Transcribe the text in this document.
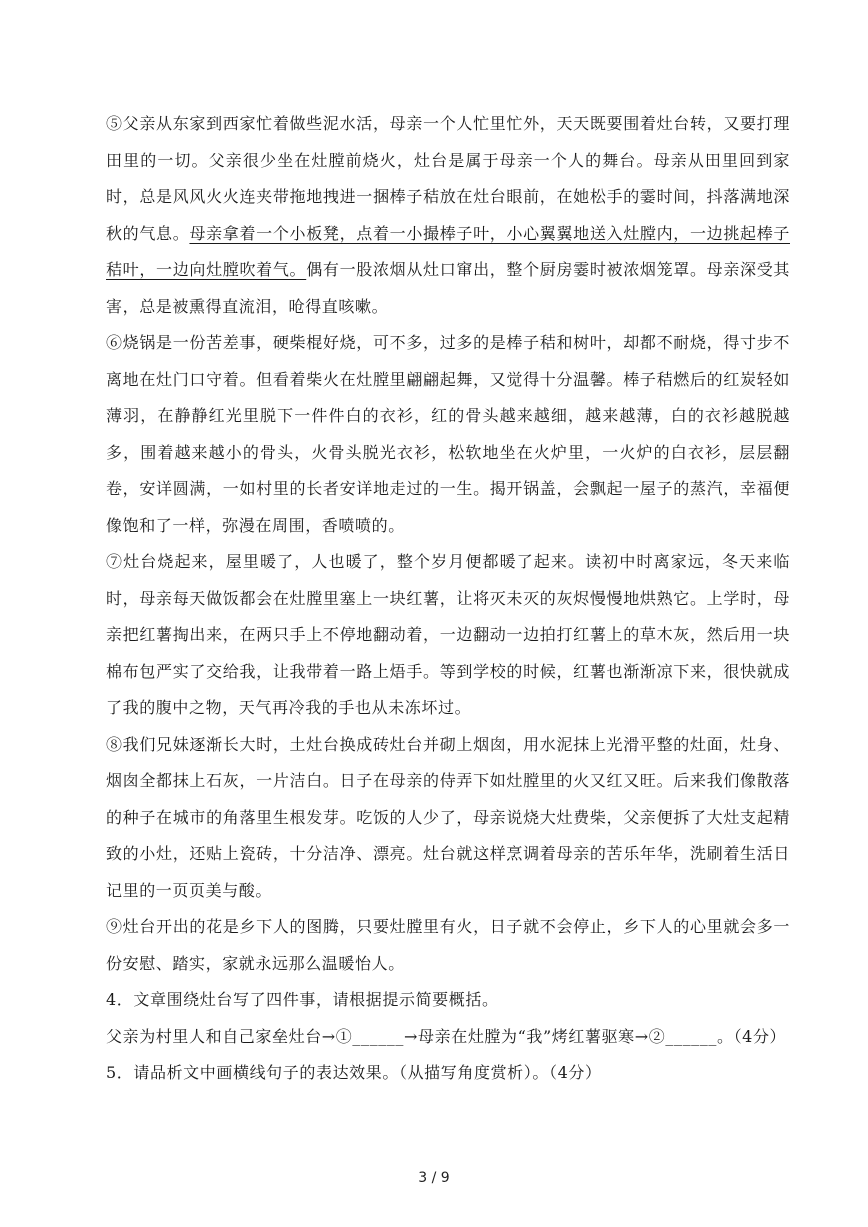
⑤父亲从东家到西家忙着做些泥水活，母亲一个人忙里忙外，天天既要围着灶台转，又要打理田里的一切。父亲很少坐在灶膛前烧火，灶台是属于母亲一个人的舞台。母亲从田里回到家时，总是风风火火连夹带拖地拽进一捆棒子秸放在灶台眼前，在她松手的霎时间，抖落满地深秋的气息。母亲拿着一个小板凳，点着一小撮棒子叶，小心翼翼地送入灶膛内，一边挑起棒子秸叶，一边向灶膛吹着气。偶有一股浓烟从灶口窜出，整个厨房霎时被浓烟笼罩。母亲深受其害，总是被熏得直流泪，呛得直咳嗽。

⑥烧锅是一份苦差事，硬柴棍好烧，可不多，过多的是棒子秸和树叶，却都不耐烧，得寸步不离地在灶门口守着。但看着柴火在灶膛里翩翩起舞，又觉得十分温馨。棒子秸燃后的红炭轻如薄羽，在静静红光里脱下一件件白的衣衫，红的骨头越来越细，越来越薄，白的衣衫越脱越多，围着越来越小的骨头，火骨头脱光衣衫，松软地坐在火炉里，一火炉的白衣衫，层层翻卷，安详圆满，一如村里的长者安详地走过的一生。揭开锅盖，会飘起一屋子的蒸汽，幸福便像饱和了一样，弥漫在周围，香喷喷的。

⑦灶台烧起来，屋里暖了，人也暖了，整个岁月便都暖了起来。读初中时离家远，冬天来临时，母亲每天做饭都会在灶膛里塞上一块红薯，让将灭未灭的灰烬慢慢地烘熟它。上学时，母亲把红薯掏出来，在两只手上不停地翻动着，一边翻动一边拍打红薯上的草木灰，然后用一块棉布包严实了交给我，让我带着一路上焐手。等到学校的时候，红薯也渐渐凉下来，很快就成了我的腹中之物，天气再冷我的手也从未冻坏过。

⑧我们兄妹逐渐长大时，土灶台换成砖灶台并砌上烟囱，用水泥抹上光滑平整的灶面，灶身、烟囱全都抹上石灰，一片洁白。日子在母亲的侍弄下如灶膛里的火又红又旺。后来我们像散落的种子在城市的角落里生根发芽。吃饭的人少了，母亲说烧大灶费柴，父亲便拆了大灶支起精致的小灶，还贴上瓷砖，十分洁净、漂亮。灶台就这样烹调着母亲的苦乐年华，洗刷着生活日记里的一页页美与酸。

⑨灶台开出的花是乡下人的图腾，只要灶膛里有火，日子就不会停止，乡下人的心里就会多一份安慰、踏实，家就永远那么温暖怡人。

4．文章围绕灶台写了四件事，请根据提示简要概括。

父亲为村里人和自己家垒灶台→①______→母亲在灶膛为“我”烤红薯驱寒→②______。（4分）

5．请品析文中画横线句子的表达效果。（从描写角度赏析）。（4分）

3 / 9
